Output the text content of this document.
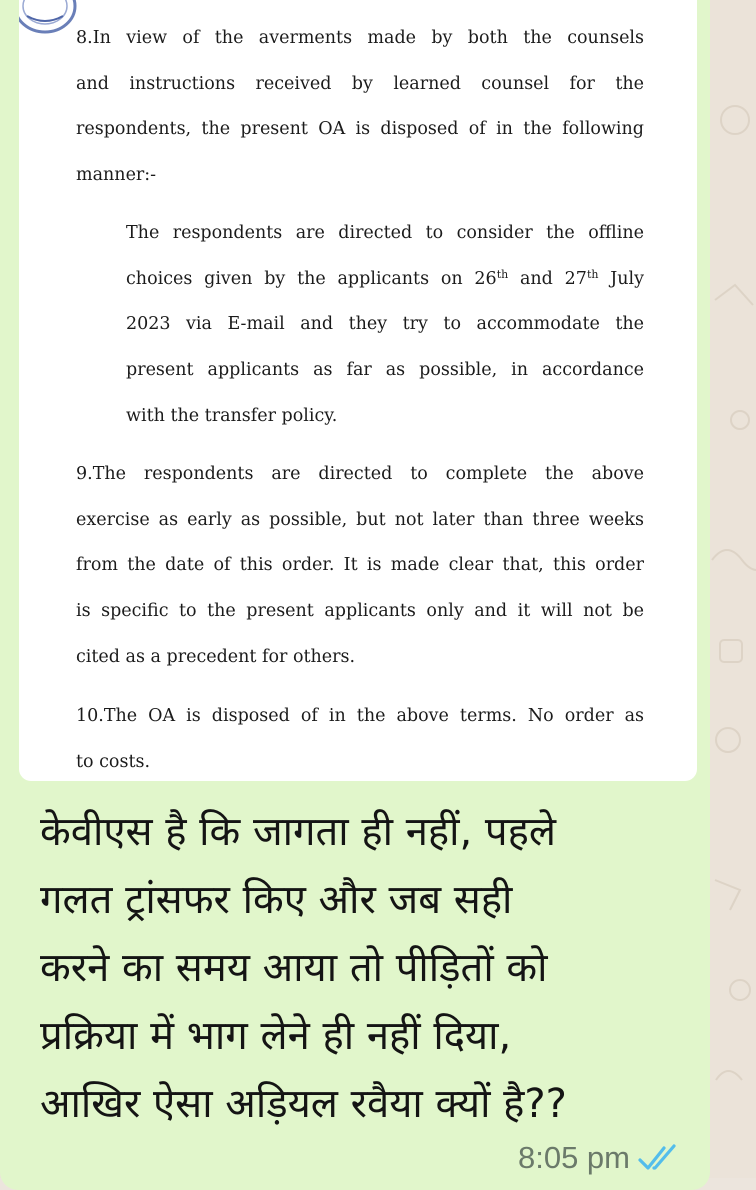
8.In view of the averments made by both the counsels
and instructions received by learned counsel for the
respondents, the present OA is disposed of in the following
manner:-
The respondents are directed to consider the offline
choices given by the applicants on 26th and 27th July
2023 via E-mail and they try to accommodate the
present applicants as far as possible, in accordance
with the transfer policy.
9.The respondents are directed to complete the above
exercise as early as possible, but not later than three weeks
from the date of this order. It is made clear that, this order
is specific to the present applicants only and it will not be
cited as a precedent for others.
10.The OA is disposed of in the above terms. No order as
to costs.
केवीएस है कि जागता ही नहीं, पहले
गलत ट्रांसफर किए और जब सही
करने का समय आया तो पीड़ितों को
प्रक्रिया में भाग लेने ही नहीं दिया,
आखिर ऐसा अड़ियल रवैया क्यों है??
8:05 pm
